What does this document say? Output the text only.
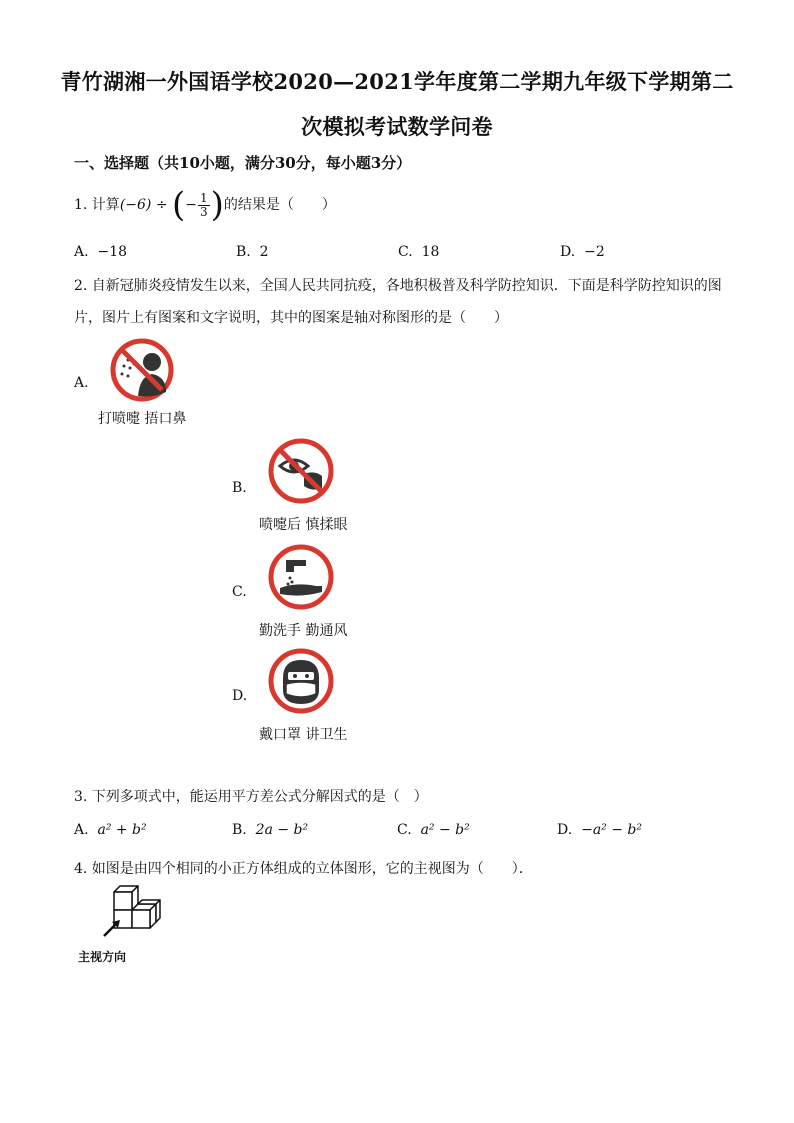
青竹湖湘一外国语学校2020—2021学年度第二学期九年级下学期第二
次模拟考试数学问卷
一、选择题（共10小题，满分30分，每小题3分）
1. 计算(−6) ÷ (− $\frac{1}{3}$ )的结果是（　　）
A. −18	B. 2	C. 18	D. −2
2. 自新冠肺炎疫情发生以来，全国人民共同抗疫，各地积极普及科学防控知识．下面是科学防控知识的图
片，图片上有图案和文字说明，其中的图案是轴对称图形的是（　　）
A.
打喷嚏 捂口鼻
B.
喷嚏后 慎揉眼
C.
勤洗手 勤通风
D.
戴口罩 讲卫生
3. 下列多项式中，能运用平方差公式分解因式的是（　）
A. a² + b²	B. 2a − b²	C. a² − b²	D. −a² − b²
4. 如图是由四个相同的小正方体组成的立体图形，它的主视图为（　　）．
主视方向
